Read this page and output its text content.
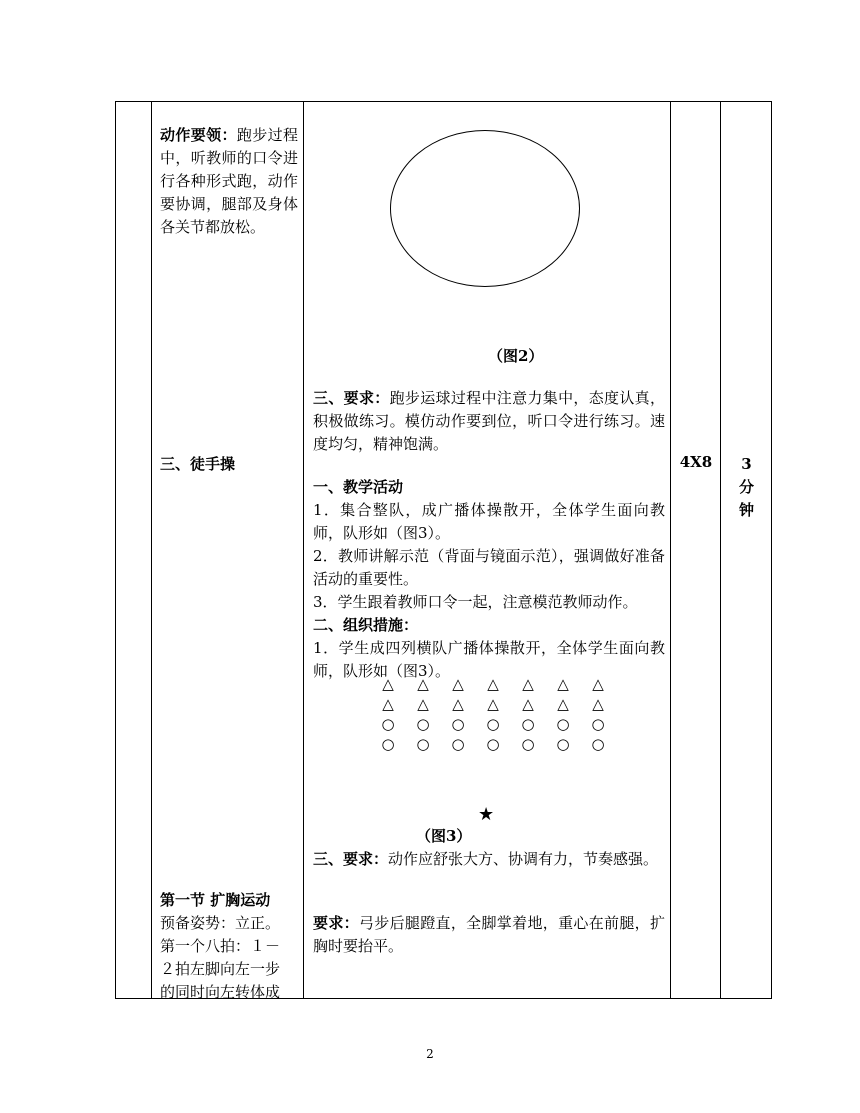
动作要领：跑步过程中，听教师的口令进行各种形式跑，动作要协调，腿部及身体各关节都放松。
三、徒手操
第一节 扩胸运动
预备姿势：立正。
第一个八拍：１－
２拍左脚向左一步
的同时向左转体成
（图2）
三、要求：跑步运球过程中注意力集中，态度认真，积极做练习。模仿动作要到位，听口令进行练习。速度均匀，精神饱满。
一、教学活动
1．集合整队，成广播体操散开，全体学生面向教师，队形如（图3）。
2．教师讲解示范（背面与镜面示范），强调做好准备活动的重要性。
3．学生跟着教师口令一起，注意模范教师动作。
二、组织措施：
1．学生成四列横队广播体操散开，全体学生面向教师，队形如（图3）。
△ △ △ △ △ △ △
△ △ △ △ △ △ △
○ ○ ○ ○ ○ ○ ○
○ ○ ○ ○ ○ ○ ○
★
（图3）
三、要求：动作应舒张大方、协调有力，节奏感强。
要求：弓步后腿蹬直，全脚掌着地，重心在前腿，扩胸时要抬平。
4X8	3
分
钟
2
